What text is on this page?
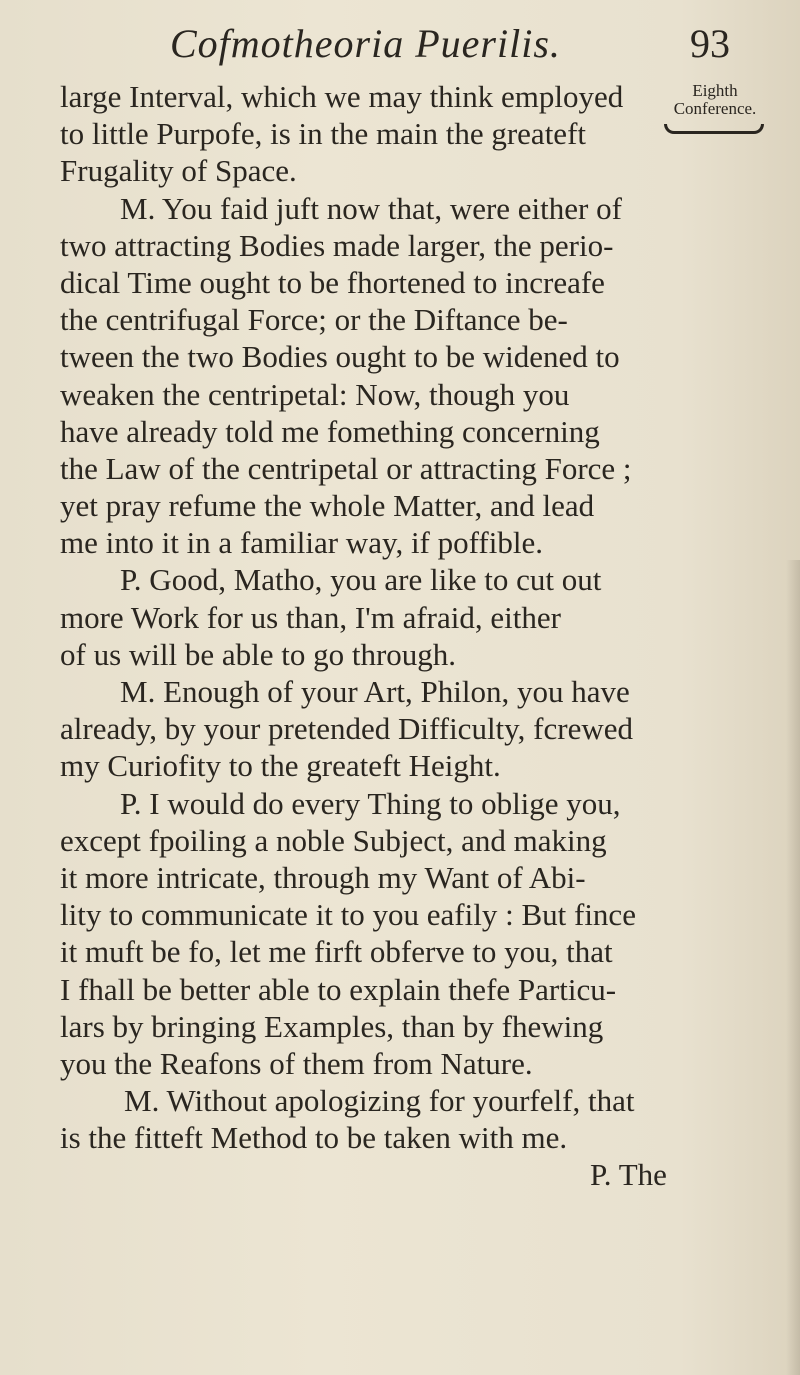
Cofmotheoria Puerilis.	93
Eighth
Conference.
large Interval, which we may think employed
to little Purpofe, is in the main the greateft
Frugality of Space.
M. You faid juft now that, were either of
two attracting Bodies made larger, the perio-
dical Time ought to be fhortened to increafe
the centrifugal Force; or the Diftance be-
tween the two Bodies ought to be widened to
weaken the centripetal: Now, though you
have already told me fomething concerning
the Law of the centripetal or attracting Force ;
yet pray refume the whole Matter, and lead
me into it in a familiar way, if poffible.
P. Good, Matho, you are like to cut out
more Work for us than, I'm afraid, either
of us will be able to go through.
M. Enough of your Art, Philon, you have
already, by your pretended Difficulty, fcrewed
my Curiofity to the greateft Height.
P. I would do every Thing to oblige you,
except fpoiling a noble Subject, and making
it more intricate, through my Want of Abi-
lity to communicate it to you eafily : But fince
it muft be fo, let me firft obferve to you, that
I fhall be better able to explain thefe Particu-
lars by bringing Examples, than by fhewing
you the Reafons of them from Nature.
M. Without apologizing for yourfelf, that
is the fitteft Method to be taken with me.
P. The
